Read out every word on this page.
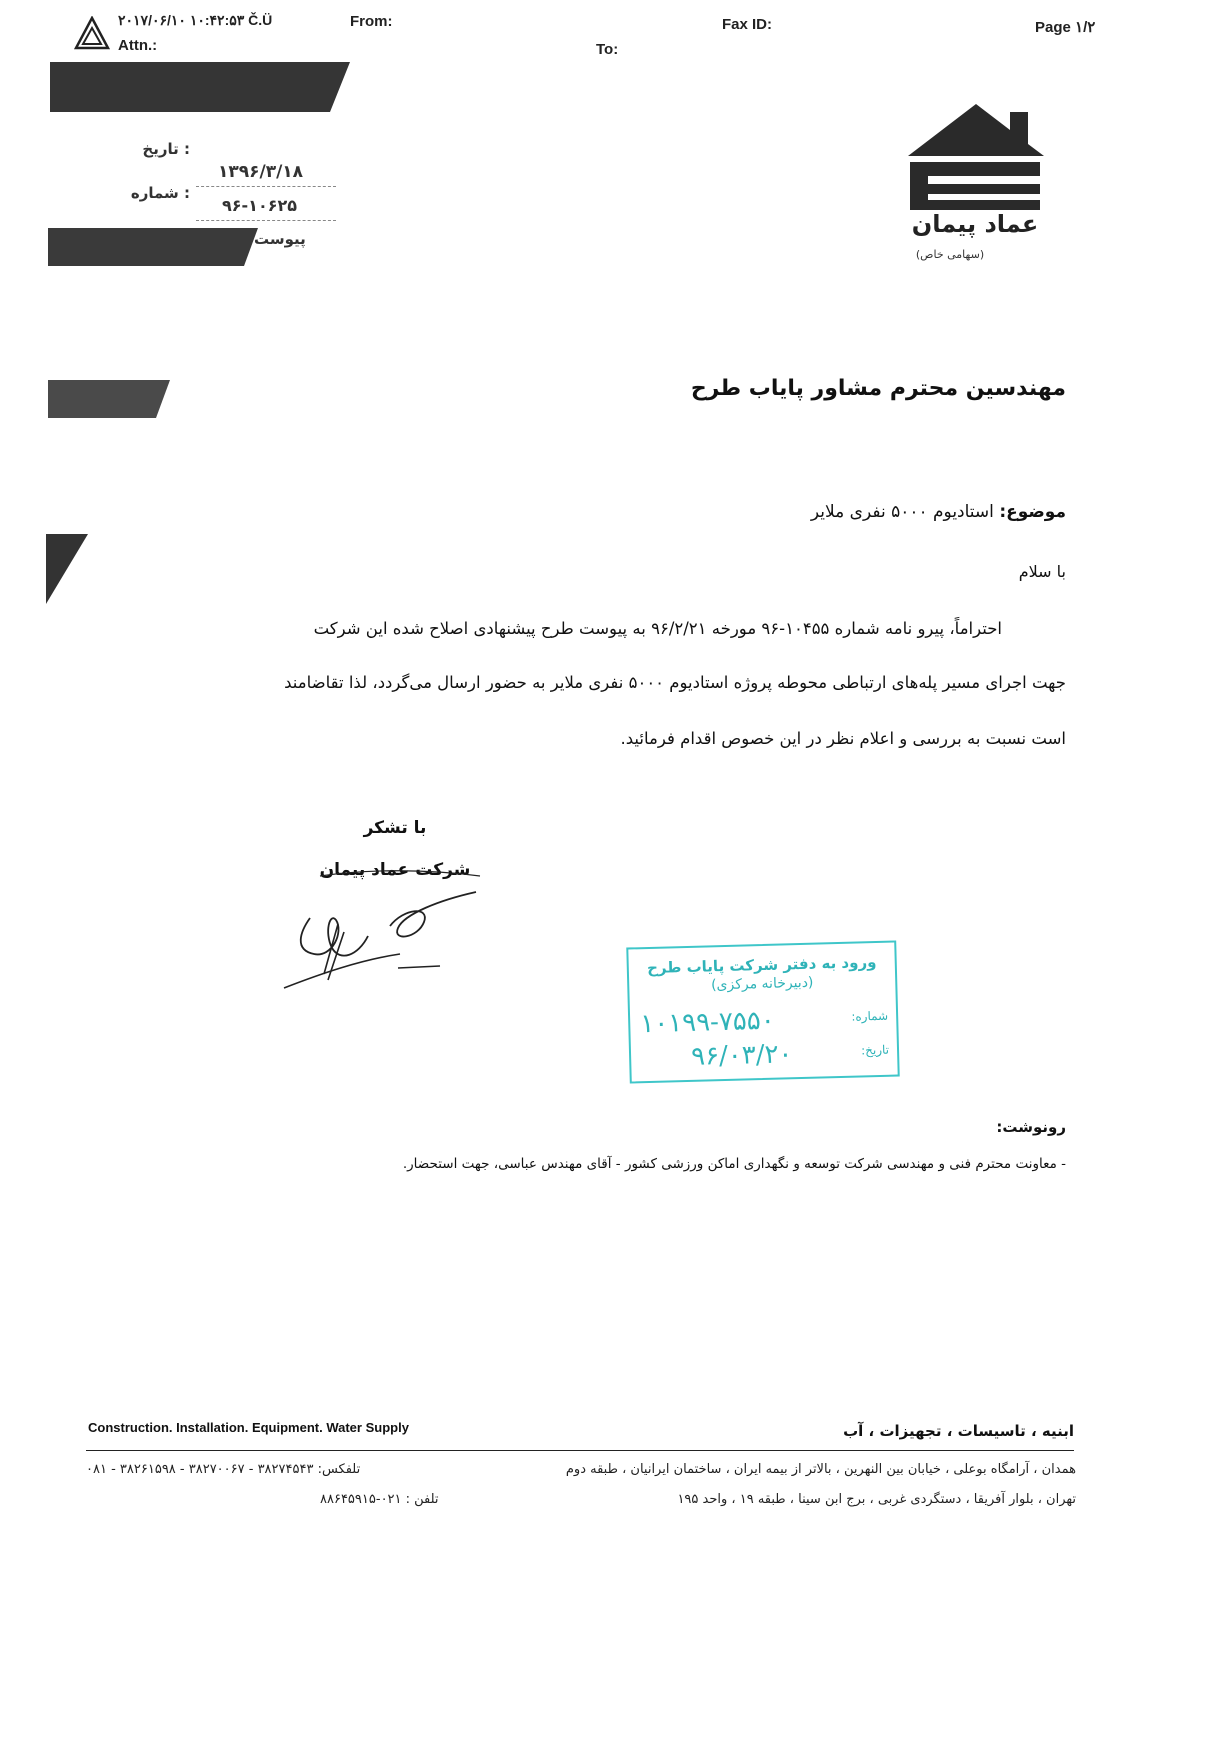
۲۰۱۷/۰۶/۱۰ ۱۰:۴۲:۵۳ Č.Ü
Attn.:
From:
To:
Fax ID:	Page ۱/۲
: تاریخ
۱۳۹۶/۳/۱۸
: شماره
۹۶-۱۰۶۲۵
پیوست
عماد پیمان
(سهامی خاص)
مهندسین محترم مشاور پایاب طرح
موضوع: استادیوم ۵۰۰۰ نفری ملایر
با سلام
احتراماً، پیرو نامه شماره ۱۰۴۵۵-۹۶ مورخه ۹۶/۲/۲۱ به پیوست طرح پیشنهادی اصلاح شده این شرکت
جهت اجرای مسیر پله‌های ارتباطی محوطه پروژه استادیوم ۵۰۰۰ نفری ملایر به حضور ارسال می‌گردد، لذا تقاضامند
است نسبت به بررسی و اعلام نظر در این خصوص اقدام فرمائید.
با تشکر
شرکت عماد پیمان
ورود به دفتر شرکت پایاب طرح
(دبیرخانه مرکزی)
شماره:
۱۰۱۹۹-۷۵۵۰
تاریخ:
۹۶/۰۳/۲۰
رونوشت:
- معاونت محترم فنی و مهندسی شرکت توسعه و نگهداری اماکن ورزشی کشور - آقای مهندس عباسی، جهت استحضار.
Construction. Installation. Equipment. Water Supply	ابنیه ، تاسیسات ، تجهیزات ، آب
همدان ، آرامگاه بوعلی ، خیابان بین النهرین ، بالاتر از بیمه ایران ، ساختمان ایرانیان ، طبقه دوم
تلفکس: ۳۸۲۷۴۵۴۳ - ۳۸۲۷۰۰۶۷ - ۳۸۲۶۱۵۹۸ - ۰۸۱
تهران ، بلوار آفریقا ، دستگردی غربی ، برج ابن سینا ، طبقه ۱۹ ، واحد ۱۹۵
تلفن : ۰۲۱-۸۸۶۴۵۹۱۵
